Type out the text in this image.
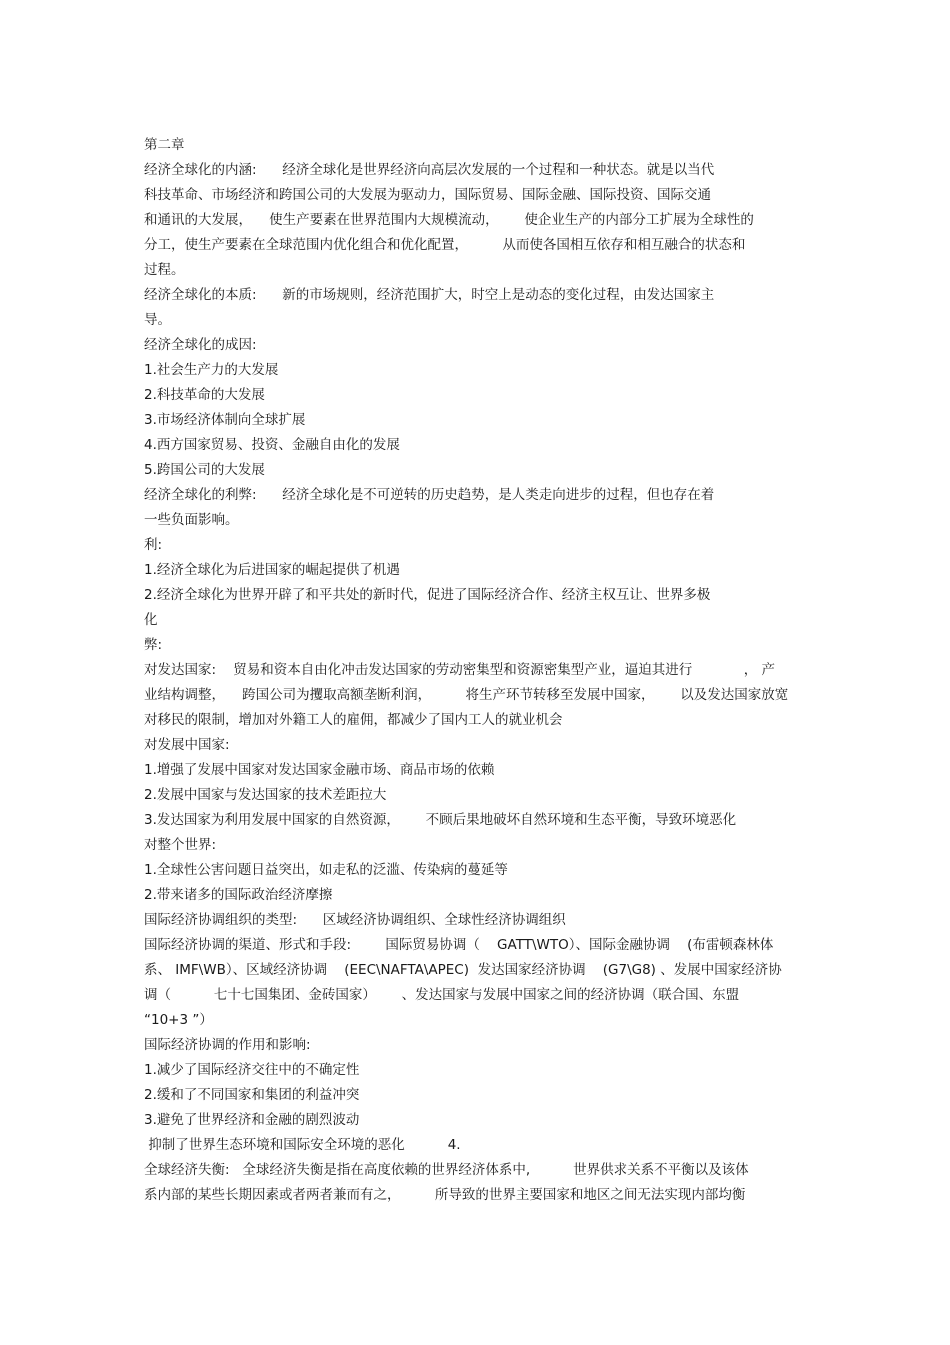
第二章
经济全球化的内涵:      经济全球化是世界经济向高层次发展的一个过程和一种状态。就是以当代
科技革命、市场经济和跨国公司的大发展为驱动力，国际贸易、国际金融、国际投资、国际交通
和通讯的大发展，    使生产要素在世界范围内大规模流动，      使企业生产的内部分工扩展为全球性的
分工，使生产要素在全球范围内优化组合和优化配置，        从而使各国相互依存和相互融合的状态和
过程。
经济全球化的本质:      新的市场规则，经济范围扩大，时空上是动态的变化过程，由发达国家主
导。
经济全球化的成因:
1.社会生产力的大发展
2.科技革命的大发展
3.市场经济体制向全球扩展
4.西方国家贸易、投资、金融自由化的发展
5.跨国公司的大发展
经济全球化的利弊:      经济全球化是不可逆转的历史趋势，是人类走向进步的过程，但也存在着
一些负面影响。
利:
1.经济全球化为后进国家的崛起提供了机遇
2.经济全球化为世界开辟了和平共处的新时代，促进了国际经济合作、经济主权互让、世界多极
化
弊:
对发达国家:    贸易和资本自由化冲击发达国家的劳动密集型和资源密集型产业，逼迫其进行            ， 产
业结构调整，    跨国公司为攫取高额垄断利润，        将生产环节转移至发展中国家，      以及发达国家放宽
对移民的限制，增加对外籍工人的雇佣，都减少了国内工人的就业机会
对发展中国家:
1.增强了发展中国家对发达国家金融市场、商品市场的依赖
2.发展中国家与发达国家的技术差距拉大
3.发达国家为利用发展中国家的自然资源，      不顾后果地破坏自然环境和生态平衡，导致环境恶化
对整个世界:
1.全球性公害问题日益突出，如走私的泛滥、传染病的蔓延等
2.带来诸多的国际政治经济摩擦
国际经济协调组织的类型:      区域经济协调组织、全球性经济协调组织
国际经济协调的渠道、形式和手段:        国际贸易协调（    GATT\WTO）、国际金融协调    (布雷顿森林体
系、 IMF\WB）、区域经济协调    (EEC\NAFTA\APEC)  发达国家经济协调    (G7\G8) 、发展中国家经济协
调（          七十七国集团、金砖国家）      、发达国家与发展中国家之间的经济协调（联合国、东盟
“10+3 ”）
国际经济协调的作用和影响:
1.减少了国际经济交往中的不确定性
2.缓和了不同国家和集团的利益冲突
3.避免了世界经济和金融的剧烈波动
抑制了世界生态环境和国际安全环境的恶化          4.
全球经济失衡:   全球经济失衡是指在高度依赖的世界经济体系中,          世界供求关系不平衡以及该体
系内部的某些长期因素或者两者兼而有之，        所导致的世界主要国家和地区之间无法实现内部均衡
